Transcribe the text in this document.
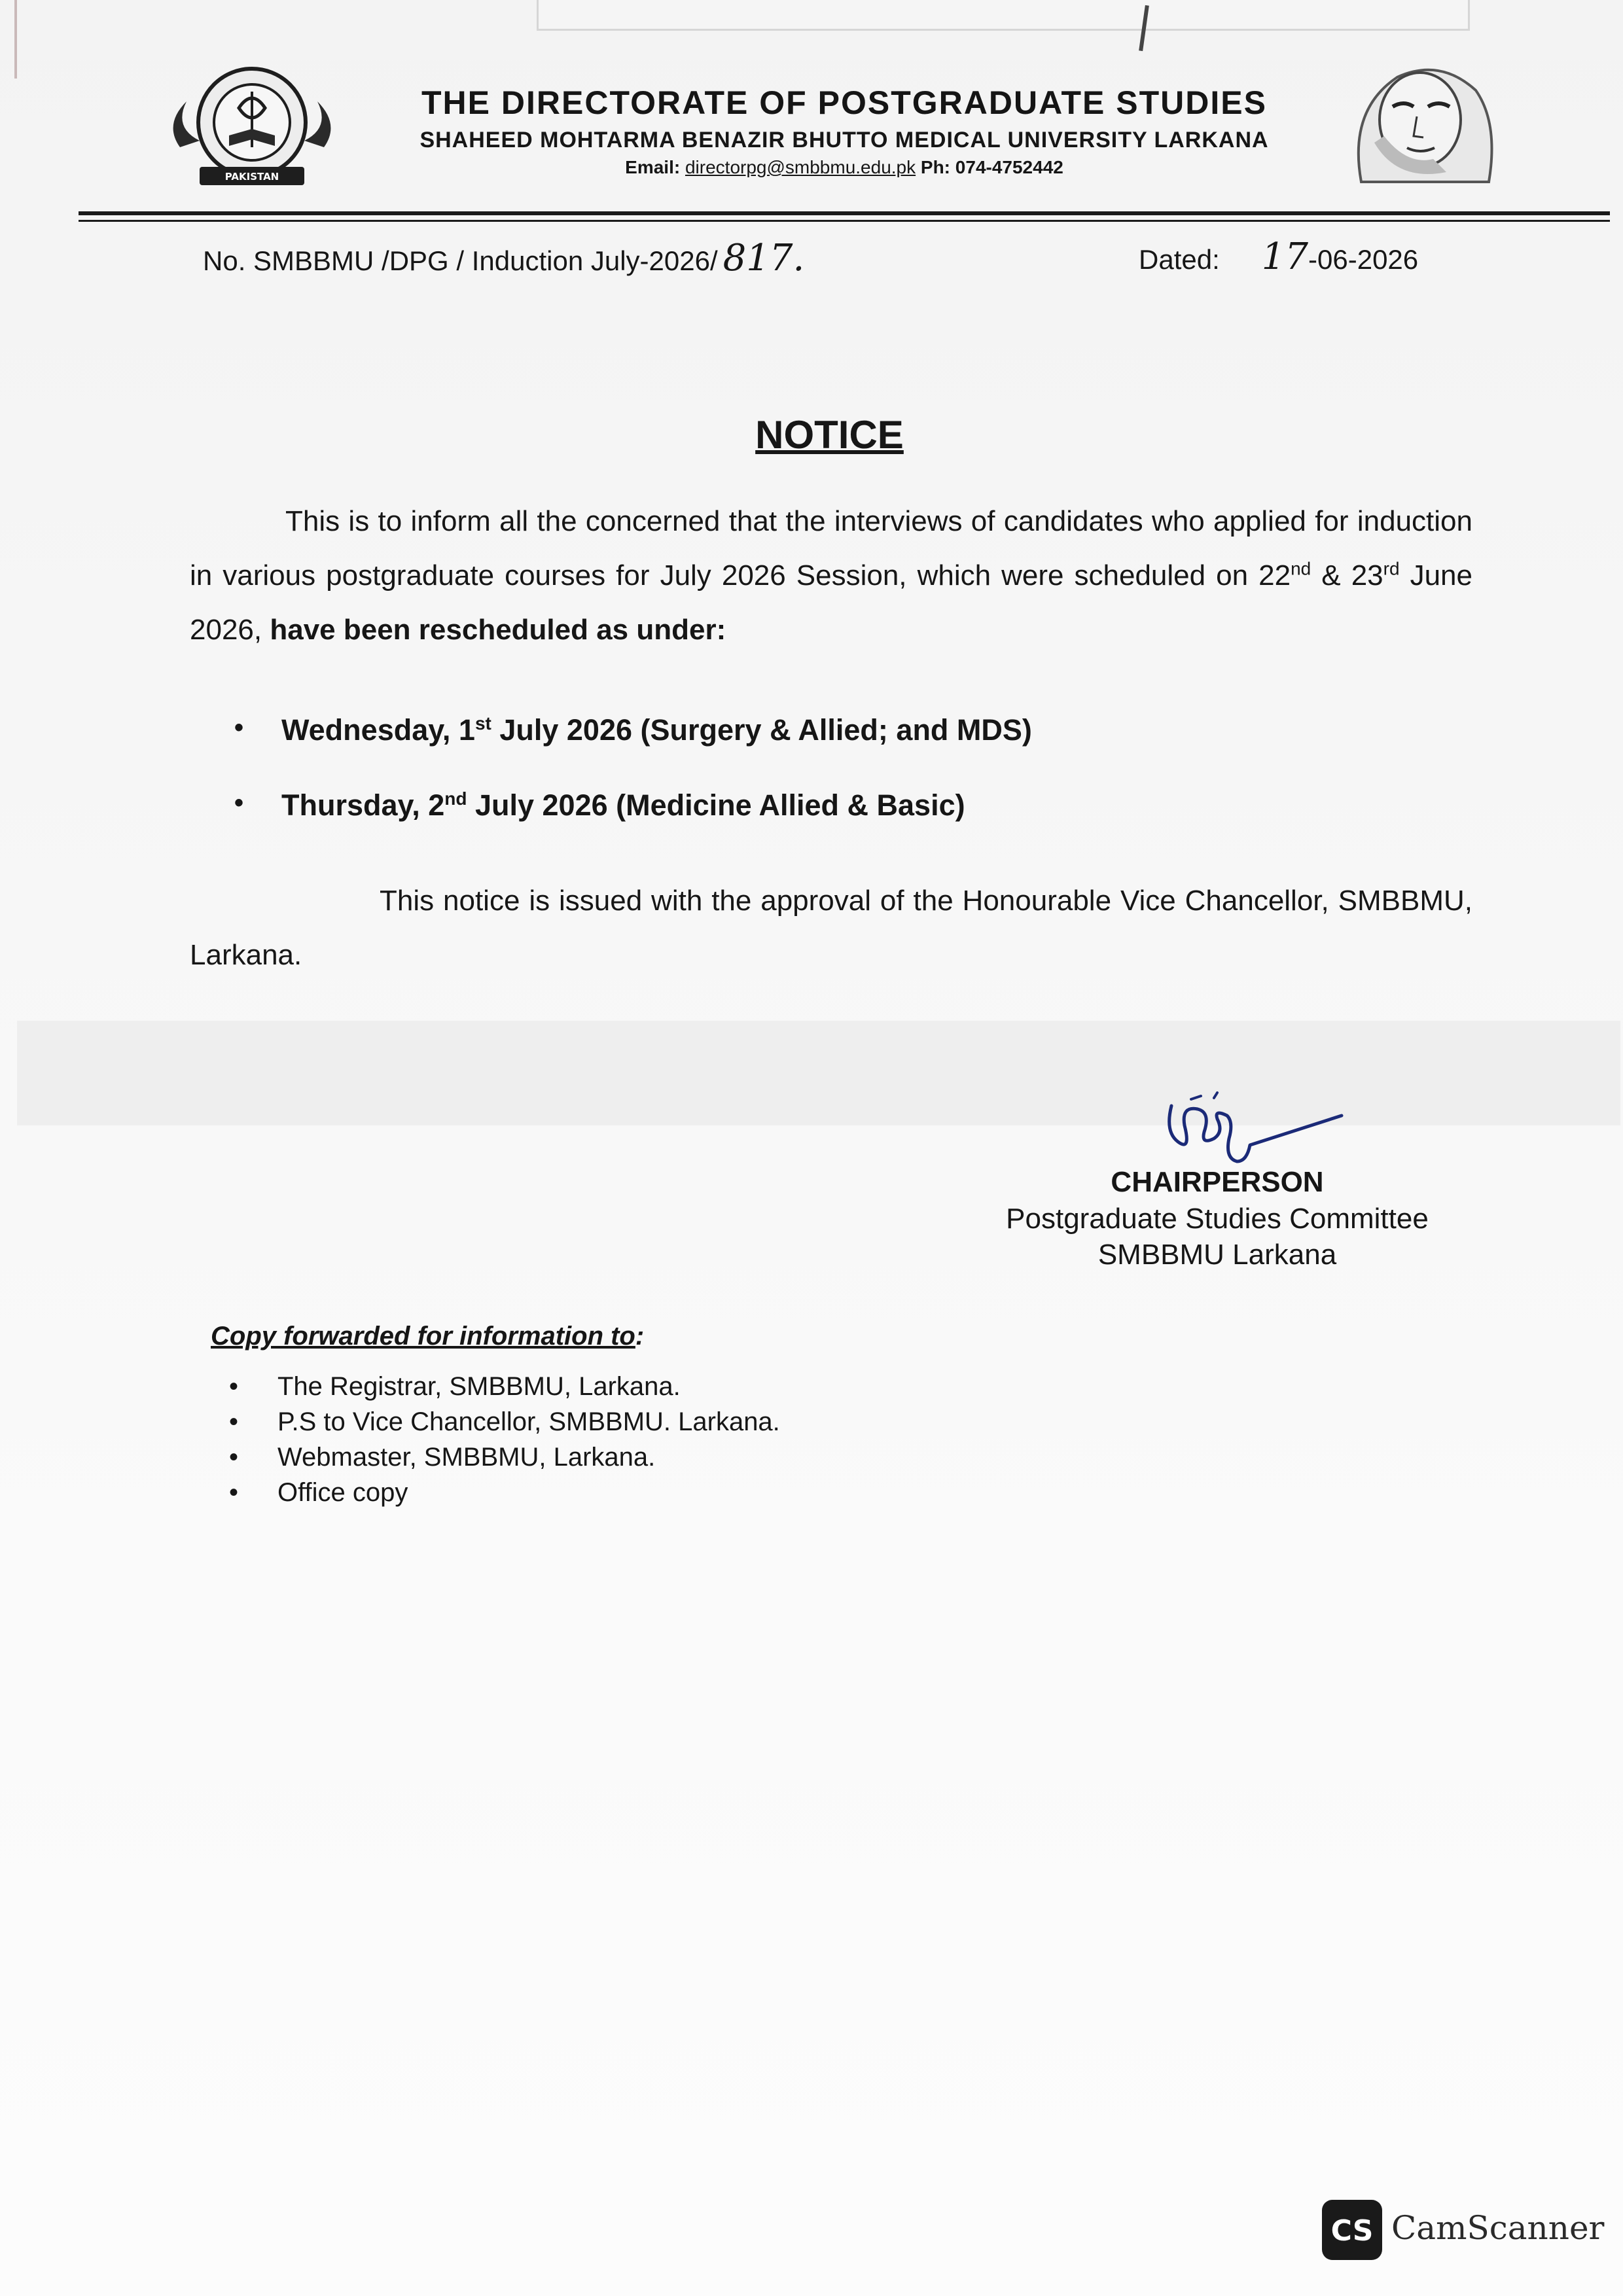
PAKISTAN
THE DIRECTORATE OF POSTGRADUATE STUDIES
SHAHEED MOHTARMA BENAZIR BHUTTO MEDICAL UNIVERSITY LARKANA
Email: directorpg@smbbmu.edu.pk Ph: 074-4752442
No. SMBBMU /DPG / Induction July-2026/ 817.	Dated: 17-06-2026
NOTICE
This is to inform all the concerned that the interviews of candidates who applied for induction in various postgraduate courses for July 2026 Session, which were scheduled on 22nd & 23rd June 2026, have been rescheduled as under:
• Wednesday, 1st July 2026 (Surgery & Allied; and MDS)
• Thursday, 2nd July 2026 (Medicine Allied & Basic)
This notice is issued with the approval of the Honourable Vice Chancellor, SMBBMU, Larkana.
CHAIRPERSON
Postgraduate Studies Committee
SMBBMU Larkana
Copy forwarded for information to:
• The Registrar, SMBBMU, Larkana.
• P.S to Vice Chancellor, SMBBMU. Larkana.
• Webmaster, SMBBMU, Larkana.
• Office copy
CS CamScanner
